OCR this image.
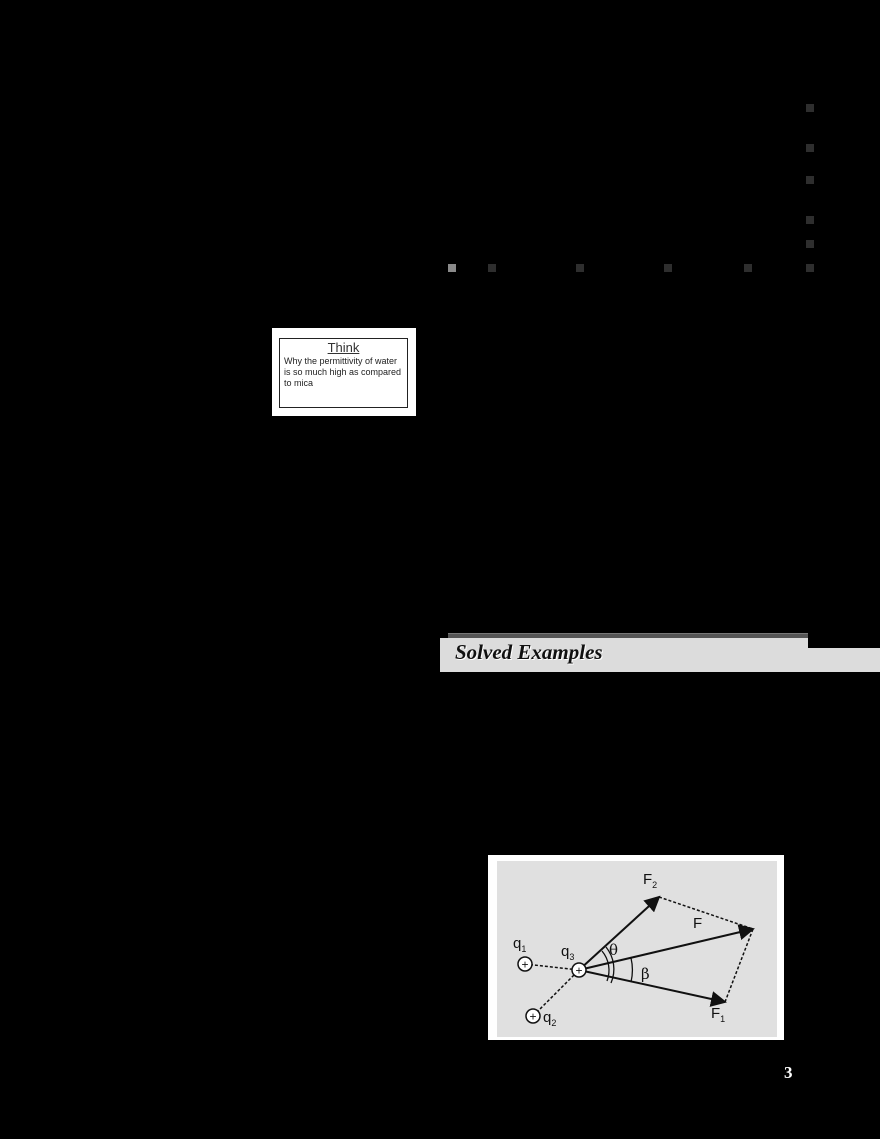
Think
Why the permittivity of water is so much high as compared to mica
Solved Examples
+
+
+
$q_1$
$q_2$
$q_3$
$F_2$
F
$F_1$
θ
β
3
